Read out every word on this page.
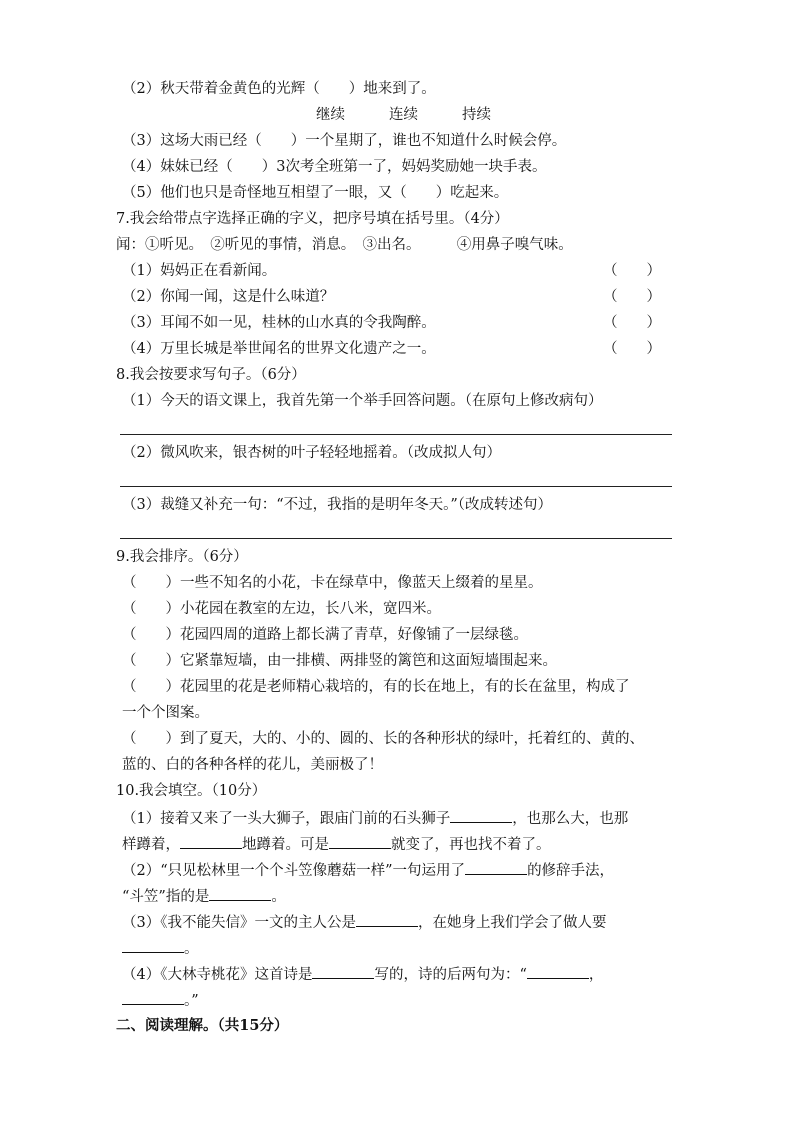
（2）秋天带着金黄色的光辉（　　）地来到了。
继续	连续	持续
（3）这场大雨已经（　　）一个星期了，谁也不知道什么时候会停。
（4）妹妹已经（　　）3次考全班第一了，妈妈奖励她一块手表。
（5）他们也只是奇怪地互相望了一眼，又（　　）吃起来。
7.我会给带点字选择正确的字义，把序号填在括号里。（4分）
闻：①听见。　②听见的事情，消息。　③出名。　　　④用鼻子嗅气味。
（1）妈妈正在看新闻。	（　　）
（2）你闻一闻，这是什么味道？	（　　）
（3）耳闻不如一见，桂林的山水真的令我陶醉。	（　　）
（4）万里长城是举世闻名的世界文化遗产之一。	（　　）
8.我会按要求写句子。（6分）
（1）今天的语文课上，我首先第一个举手回答问题。（在原句上修改病句）
（2）微风吹来，银杏树的叶子轻轻地摇着。（改成拟人句）
（3）裁缝又补充一句：“不过，我指的是明年冬天。”（改成转述句）
9.我会排序。（6分）
（　　）一些不知名的小花，卡在绿草中，像蓝天上缀着的星星。
（　　）小花园在教室的左边，长八米，宽四米。
（　　）花园四周的道路上都长满了青草，好像铺了一层绿毯。
（　　）它紧靠短墙，由一排横、两排竖的篱笆和这面短墙围起来。
（　　）花园里的花是老师精心栽培的，有的长在地上，有的长在盆里，构成了
一个个图案。
（　　）到了夏天，大的、小的、圆的、长的各种形状的绿叶，托着红的、黄的、
蓝的、白的各种各样的花儿，美丽极了！
10.我会填空。（10分）
（1）接着又来了一头大狮子，跟庙门前的石头狮子	，也那么大，也那
样蹲着，	地蹲着。可是	就变了，再也找不着了。
（2）“只见松林里一个个斗笠像蘑菇一样”一句运用了	的修辞手法，
“斗笠”指的是	。
（3）《我不能失信》一文的主人公是	，在她身上我们学会了做人要
。
（4）《大林寺桃花》这首诗是	写的，诗的后两句为：“	，
。”
二、阅读理解。（共15分）
